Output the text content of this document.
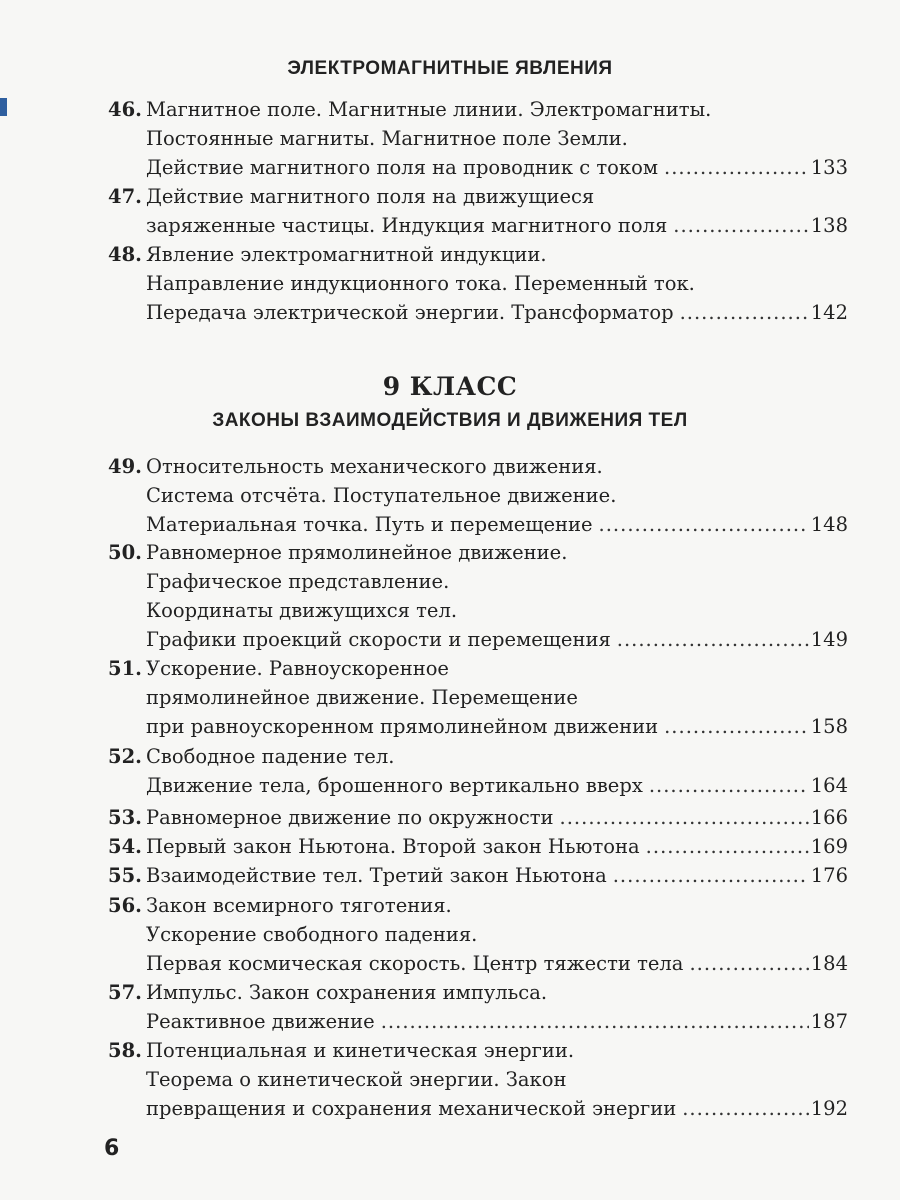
ЭЛЕКТРОМАГНИТНЫЕ ЯВЛЕНИЯ
9 КЛАСС
ЗАКОНЫ ВЗАИМОДЕЙСТВИЯ И ДВИЖЕНИЯ ТЕЛ
46. Магнитное поле. Магнитные линии. Электромагниты.
Постоянные магниты. Магнитное поле Земли.
Действие магнитного поля на проводник с током .....	133
47. Действие магнитного поля на движущиеся
заряженные частицы. Индукция магнитного поля .....	138
48. Явление электромагнитной индукции.
Направление индукционного тока. Переменный ток.
Передача электрической энергии. Трансформатор .....	142
49. Относительность механического движения.
Система отсчёта. Поступательное движение.
Материальная точка. Путь и перемещение .....	148
50. Равномерное прямолинейное движение.
Графическое представление.
Координаты движущихся тел.
Графики проекций скорости и перемещения .....	149
51. Ускорение. Равноускоренное
прямолинейное движение. Перемещение
при равноускоренном прямолинейном движении .....	158
52. Свободное падение тел.
Движение тела, брошенного вертикально вверх .....	164
53. Равномерное движение по окружности .....	166
54. Первый закон Ньютона. Второй закон Ньютона .....	169
55. Взаимодействие тел. Третий закон Ньютона .....	176
56. Закон всемирного тяготения.
Ускорение свободного падения.
Первая космическая скорость. Центр тяжести тела .....	184
57. Импульс. Закон сохранения импульса.
Реактивное движение .....	187
58. Потенциальная и кинетическая энергии.
Теорема о кинетической энергии. Закон
превращения и сохранения механической энергии .....	192
6
